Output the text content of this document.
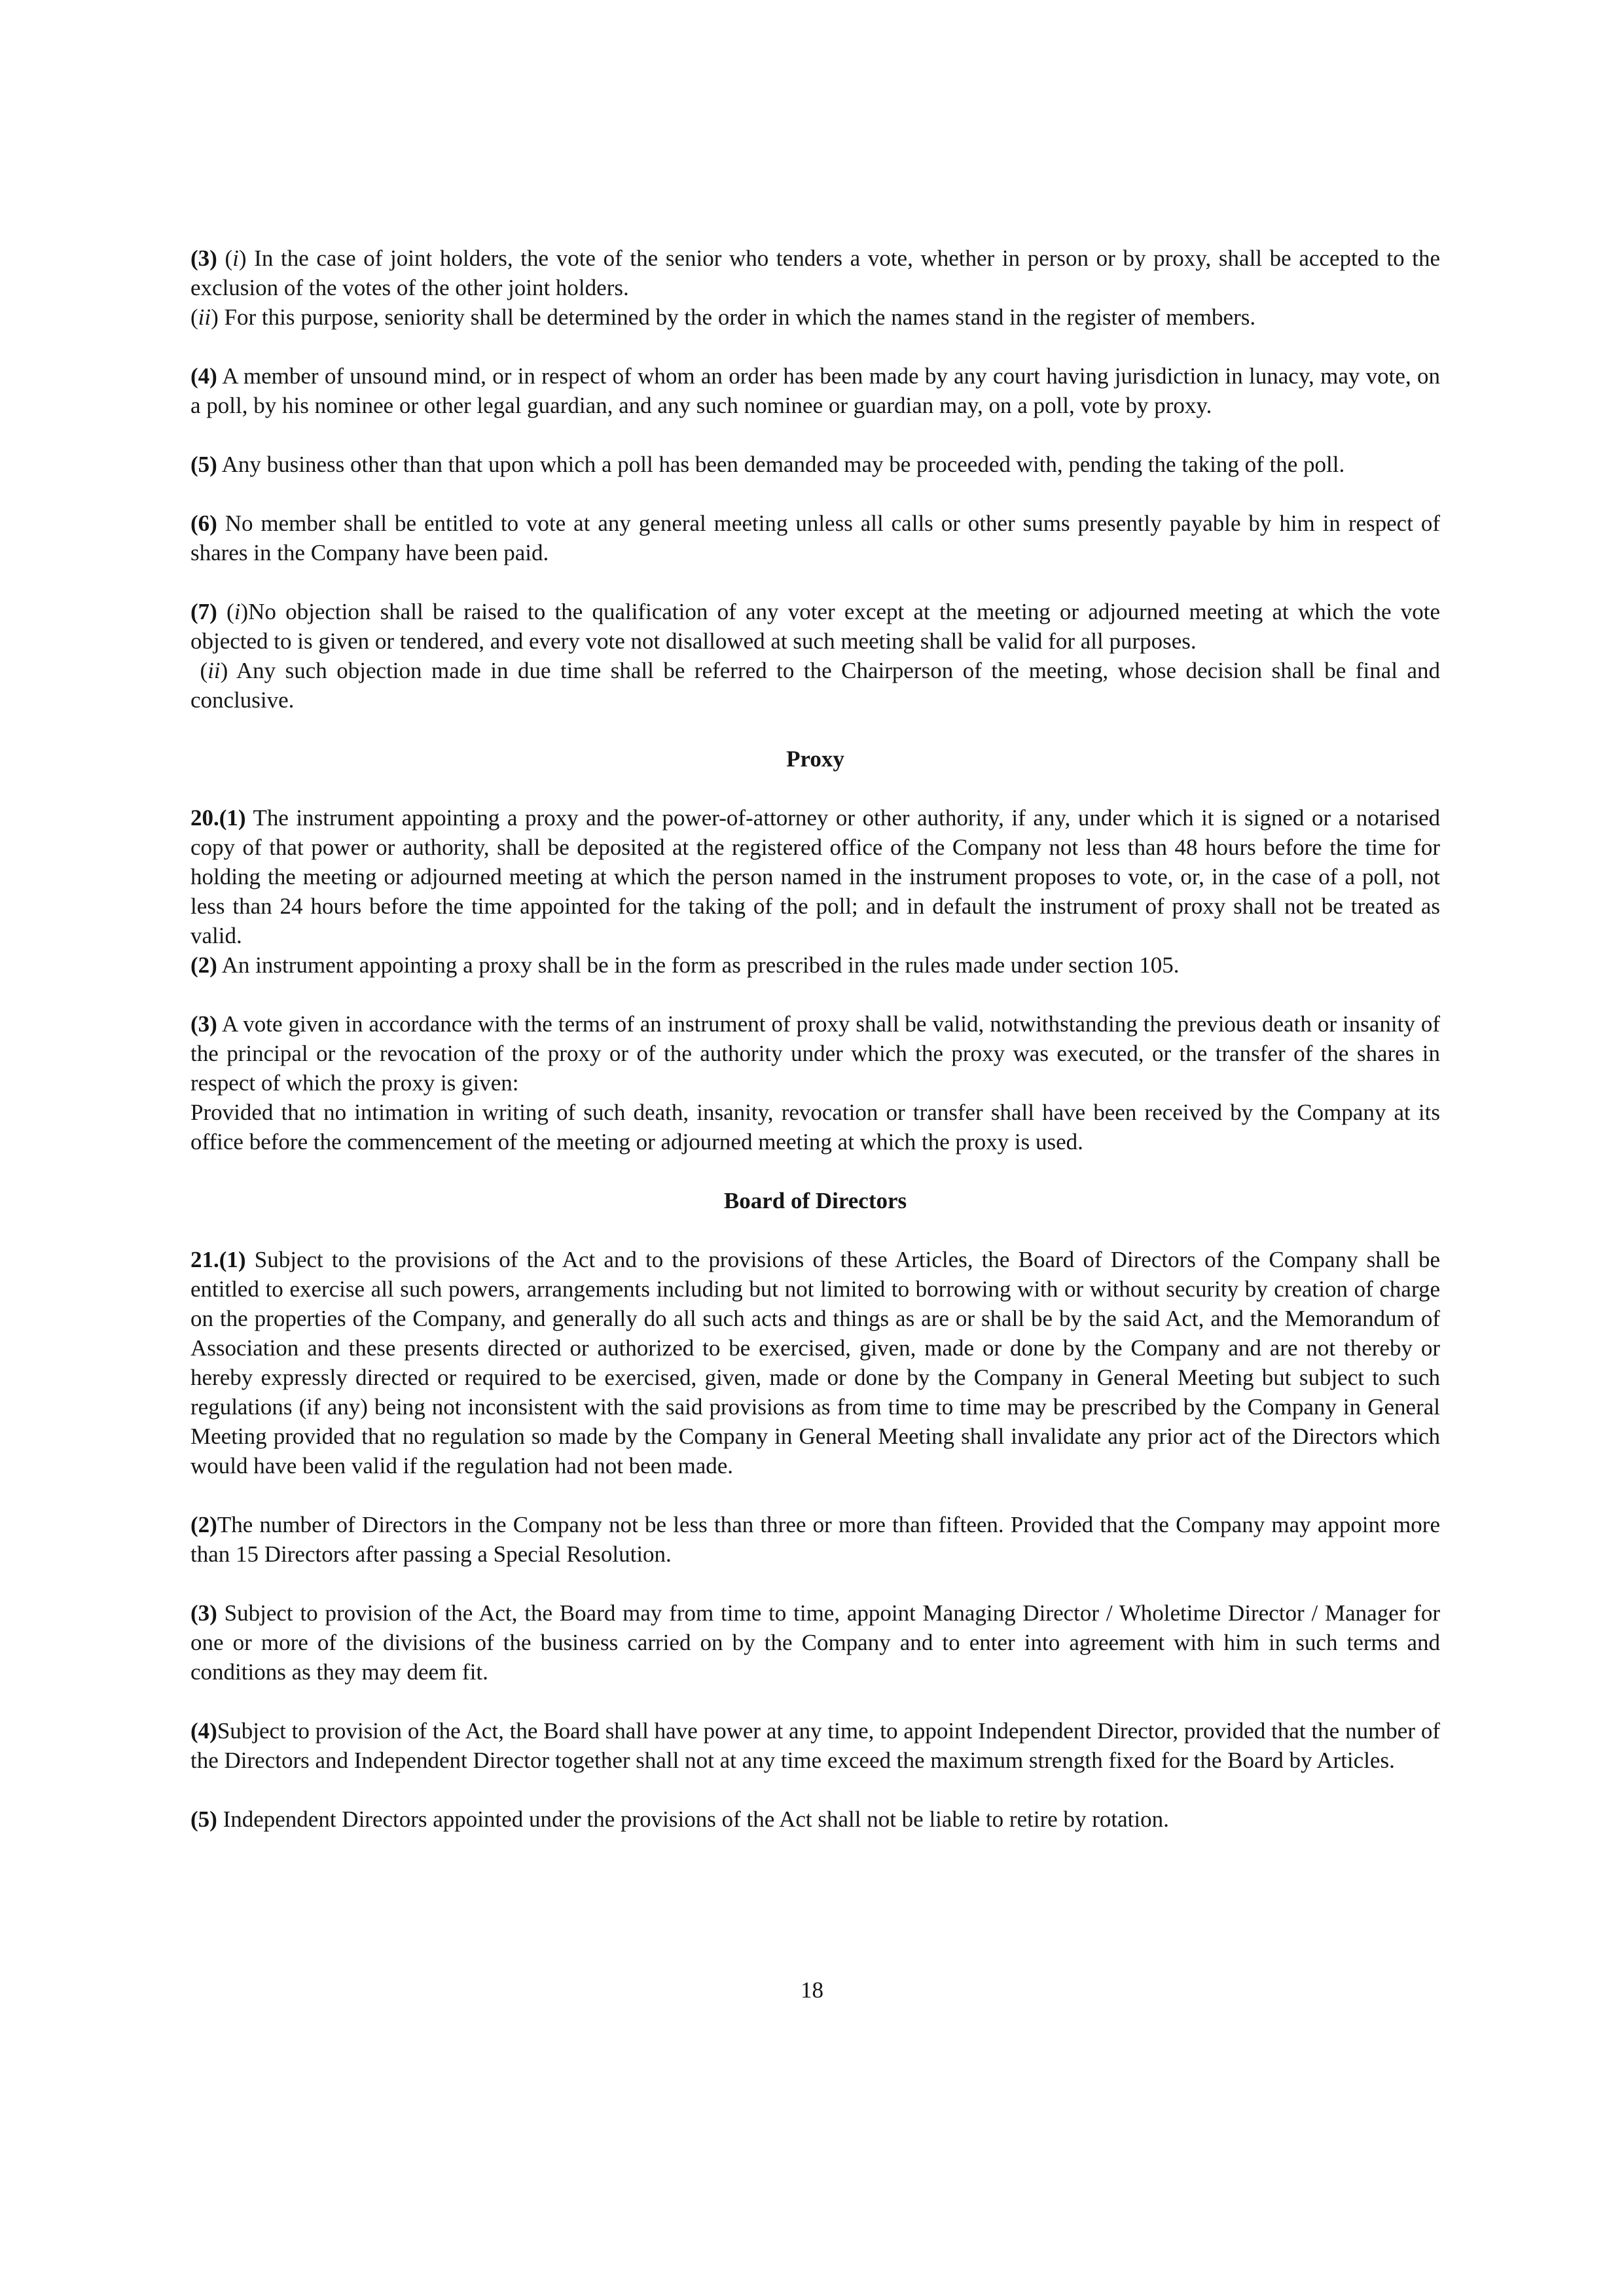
(3) (i) In the case of joint holders, the vote of the senior who tenders a vote, whether in person or by proxy, shall be accepted to the exclusion of the votes of the other joint holders.
(ii) For this purpose, seniority shall be determined by the order in which the names stand in the register of members.

(4) A member of unsound mind, or in respect of whom an order has been made by any court having jurisdiction in lunacy, may vote, on a poll, by his nominee or other legal guardian, and any such nominee or guardian may, on a poll, vote by proxy.

(5) Any business other than that upon which a poll has been demanded may be proceeded with, pending the taking of the poll.

(6) No member shall be entitled to vote at any general meeting unless all calls or other sums presently payable by him in respect of shares in the Company have been paid.

(7) (i)No objection shall be raised to the qualification of any voter except at the meeting or adjourned meeting at which the vote objected to is given or tendered, and every vote not disallowed at such meeting shall be valid for all purposes.
(ii) Any such objection made in due time shall be referred to the Chairperson of the meeting, whose decision shall be final and conclusive.

Proxy

20.(1) The instrument appointing a proxy and the power-of-attorney or other authority, if any, under which it is signed or a notarised copy of that power or authority, shall be deposited at the registered office of the Company not less than 48 hours before the time for holding the meeting or adjourned meeting at which the person named in the instrument proposes to vote, or, in the case of a poll, not less than 24 hours before the time appointed for the taking of the poll; and in default the instrument of proxy shall not be treated as valid.

(2) An instrument appointing a proxy shall be in the form as prescribed in the rules made under section 105.

(3) A vote given in accordance with the terms of an instrument of proxy shall be valid, notwithstanding the previous death or insanity of the principal or the revocation of the proxy or of the authority under which the proxy was executed, or the transfer of the shares in respect of which the proxy is given:

Provided that no intimation in writing of such death, insanity, revocation or transfer shall have been received by the Company at its office before the commencement of the meeting or adjourned meeting at which the proxy is used.

Board of Directors

21.(1) Subject to the provisions of the Act and to the provisions of these Articles, the Board of Directors of the Company shall be entitled to exercise all such powers, arrangements including but not limited to borrowing with or without security by creation of charge on the properties of the Company, and generally do all such acts and things as are or shall be by the said Act, and the Memorandum of Association and these presents directed or authorized to be exercised, given, made or done by the Company and are not thereby or hereby expressly directed or required to be exercised, given, made or done by the Company in General Meeting but subject to such regulations (if any) being not inconsistent with the said provisions as from time to time may be prescribed by the Company in General Meeting provided that no regulation so made by the Company in General Meeting shall invalidate any prior act of the Directors which would have been valid if the regulation had not been made.

(2)The number of Directors in the Company not be less than three or more than fifteen. Provided that the Company may appoint more than 15 Directors after passing a Special Resolution.

(3) Subject to provision of the Act, the Board may from time to time, appoint Managing Director / Wholetime Director / Manager for one or more of the divisions of the business carried on by the Company and to enter into agreement with him in such terms and conditions as they may deem fit.

(4)Subject to provision of the Act, the Board shall have power at any time, to appoint Independent Director, provided that the number of the Directors and Independent Director together shall not at any time exceed the maximum strength fixed for the Board by Articles.

(5) Independent Directors appointed under the provisions of the Act shall not be liable to retire by rotation.

18
